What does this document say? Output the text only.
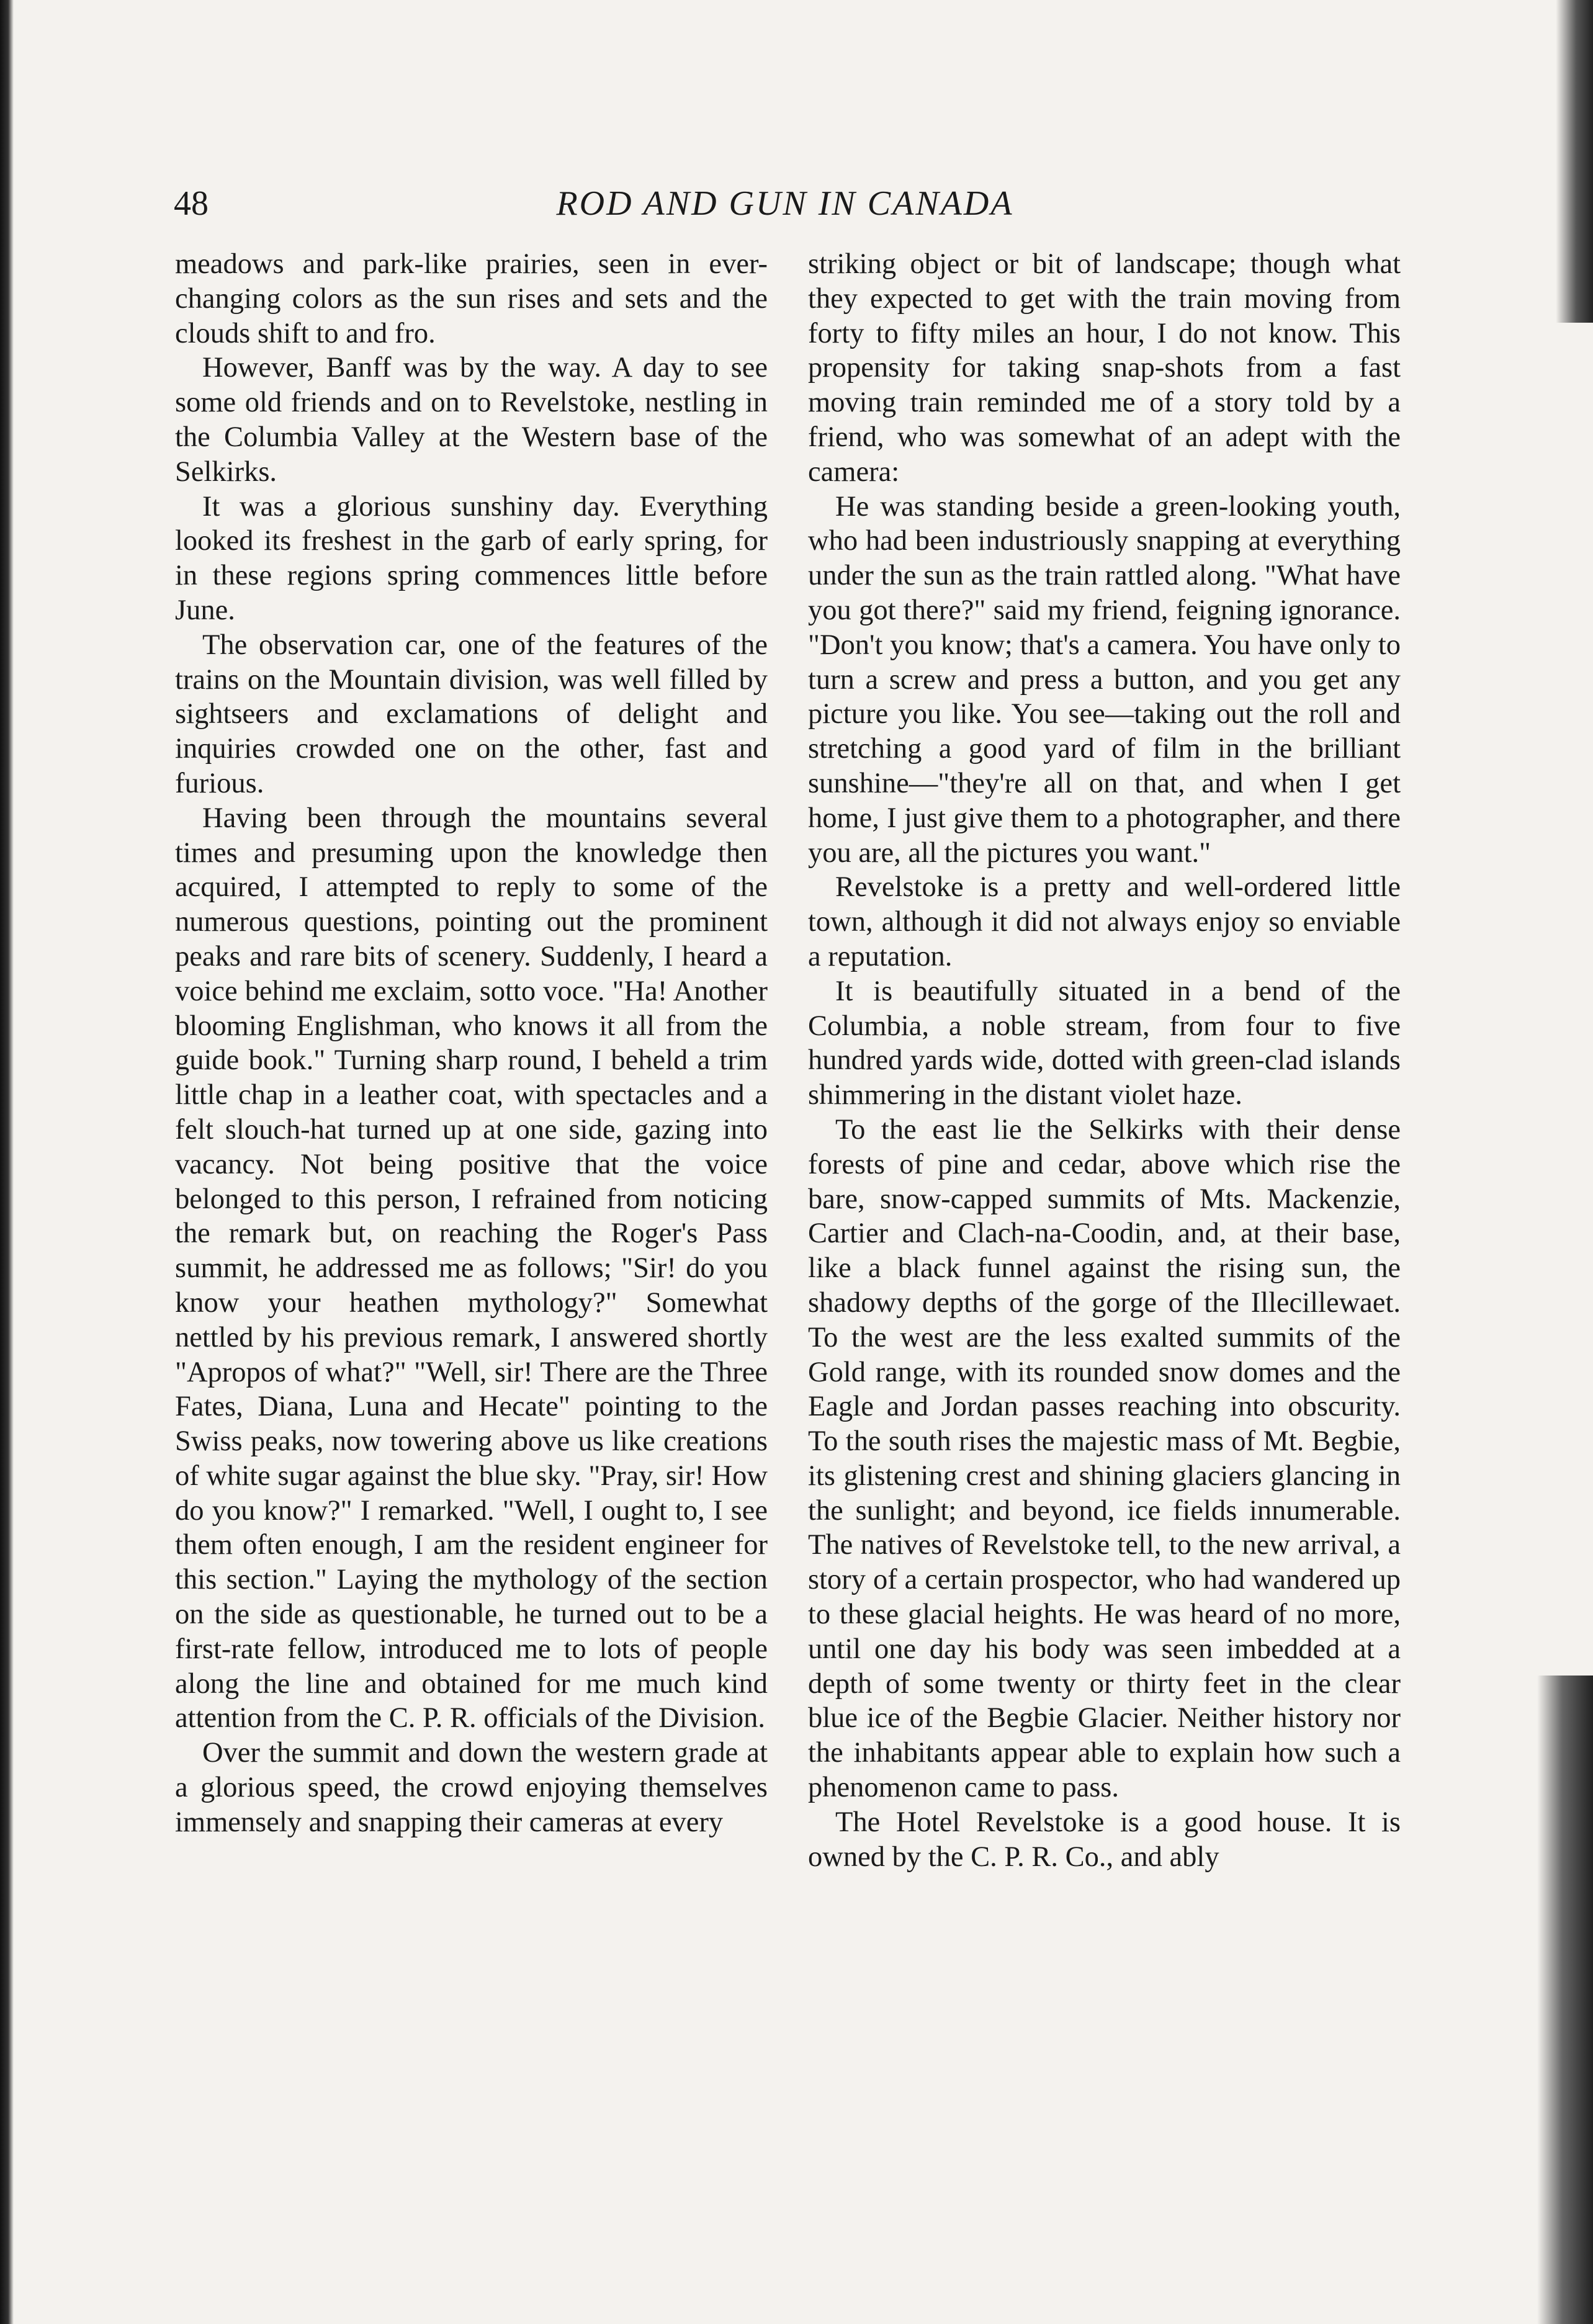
48	ROD AND GUN IN CANADA

meadows and park-like prairies, seen in ever-changing colors as the sun rises and sets and the clouds shift to and fro.

However, Banff was by the way. A day to see some old friends and on to Revelstoke, nestling in the Columbia Valley at the Western base of the Selkirks.

It was a glorious sunshiny day. Everything looked its freshest in the garb of early spring, for in these regions spring commences little before June.

The observation car, one of the features of the trains on the Mountain division, was well filled by sightseers and exclamations of delight and inquiries crowded one on the other, fast and furious.

Having been through the mountains several times and presuming upon the knowledge then acquired, I attempted to reply to some of the numerous questions, pointing out the prominent peaks and rare bits of scenery. Suddenly, I heard a voice behind me exclaim, sotto voce. "Ha! Another blooming Englishman, who knows it all from the guide book." Turning sharp round, I beheld a trim little chap in a leather coat, with spectacles and a felt slouch-hat turned up at one side, gazing into vacancy. Not being positive that the voice belonged to this person, I refrained from noticing the remark but, on reaching the Roger's Pass summit, he addressed me as follows; "Sir! do you know your heathen mythology?" Somewhat nettled by his previous remark, I answered shortly "Apropos of what?" "Well, sir! There are the Three Fates, Diana, Luna and Hecate" pointing to the Swiss peaks, now towering above us like creations of white sugar against the blue sky. "Pray, sir! How do you know?" I remarked. "Well, I ought to, I see them often enough, I am the resident engineer for this section." Laying the mythology of the section on the side as questionable, he turned out to be a first-rate fellow, introduced me to lots of people along the line and obtained for me much kind attention from the C. P. R. officials of the Division.

Over the summit and down the western grade at a glorious speed, the crowd enjoying themselves immensely and snapping their cameras at every

striking object or bit of landscape; though what they expected to get with the train moving from forty to fifty miles an hour, I do not know. This propensity for taking snap-shots from a fast moving train reminded me of a story told by a friend, who was somewhat of an adept with the camera:

He was standing beside a green-looking youth, who had been industriously snapping at everything under the sun as the train rattled along. "What have you got there?" said my friend, feigning ignorance. "Don't you know; that's a camera. You have only to turn a screw and press a button, and you get any picture you like. You see—taking out the roll and stretching a good yard of film in the brilliant sunshine—"they're all on that, and when I get home, I just give them to a photographer, and there you are, all the pictures you want."

Revelstoke is a pretty and well-ordered little town, although it did not always enjoy so enviable a reputation.

It is beautifully situated in a bend of the Columbia, a noble stream, from four to five hundred yards wide, dotted with green-clad islands shimmering in the distant violet haze.

To the east lie the Selkirks with their dense forests of pine and cedar, above which rise the bare, snow-capped summits of Mts. Mackenzie, Cartier and Clach-na-Coodin, and, at their base, like a black funnel against the rising sun, the shadowy depths of the gorge of the Illecillewaet. To the west are the less exalted summits of the Gold range, with its rounded snow domes and the Eagle and Jordan passes reaching into obscurity. To the south rises the majestic mass of Mt. Begbie, its glistening crest and shining glaciers glancing in the sunlight; and beyond, ice fields innumerable. The natives of Revelstoke tell, to the new arrival, a story of a certain prospector, who had wandered up to these glacial heights. He was heard of no more, until one day his body was seen imbedded at a depth of some twenty or thirty feet in the clear blue ice of the Begbie Glacier. Neither history nor the inhabitants appear able to explain how such a phenomenon came to pass.

The Hotel Revelstoke is a good house. It is owned by the C. P. R. Co., and ably
